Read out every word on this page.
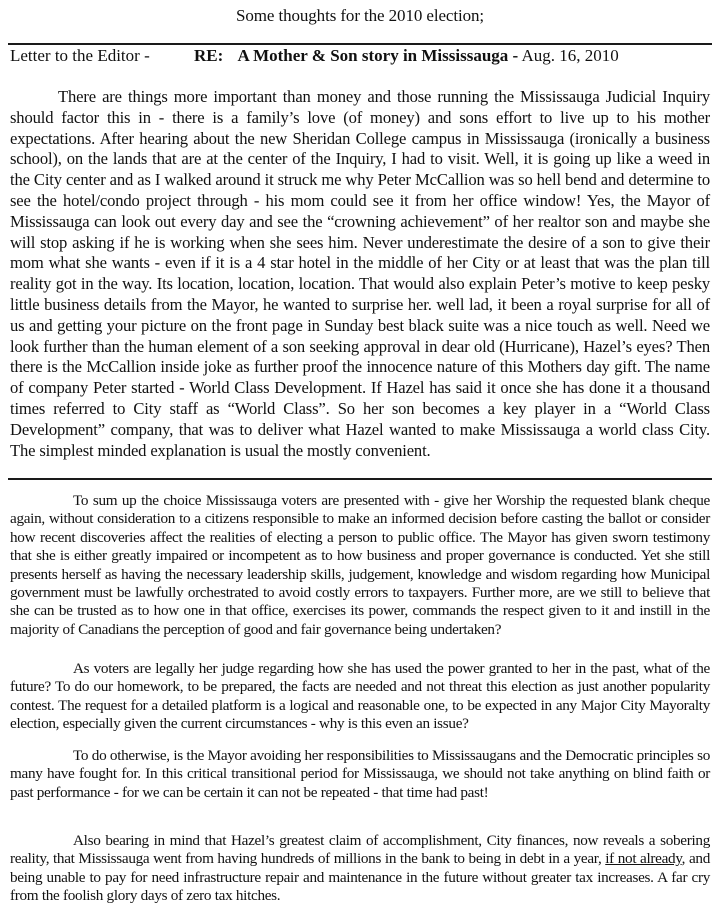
Some thoughts for the 2010 election;
Letter to the Editor -	RE: A Mother & Son story in Mississauga - Aug. 16, 2010

There are things more important than money and those running the Mississauga Judicial Inquiry should factor this in - there is a family’s love (of money) and sons effort to live up to his mother expectations. After hearing about the new Sheridan College campus in Mississauga (ironically a business school), on the lands that are at the center of the Inquiry, I had to visit. Well, it is going up like a weed in the City center and as I walked around it struck me why Peter McCallion was so hell bend and determine to see the hotel/condo project through - his mom could see it from her office window! Yes, the Mayor of Mississauga can look out every day and see the “crowning achievement” of her realtor son and maybe she will stop asking if he is working when she sees him. Never underestimate the desire of a son to give their mom what she wants - even if it is a 4 star hotel in the middle of her City or at least that was the plan till reality got in the way. Its location, location, location. That would also explain Peter’s motive to keep pesky little business details from the Mayor, he wanted to surprise her. well lad, it been a royal surprise for all of us and getting your picture on the front page in Sunday best black suite was a nice touch as well. Need we look further than the human element of a son seeking approval in dear old (Hurricane), Hazel’s eyes? Then there is the McCallion inside joke as further proof the innocence nature of this Mothers day gift. The name of company Peter started - World Class Development. If Hazel has said it once she has done it a thousand times referred to City staff as “World Class”. So her son becomes a key player in a “World Class Development” company, that was to deliver what Hazel wanted to make Mississauga a world class City. The simplest minded explanation is usual the mostly convenient.

To sum up the choice Mississauga voters are presented with - give her Worship the requested blank cheque again, without consideration to a citizens responsible to make an informed decision before casting the ballot or consider how recent discoveries affect the realities of electing a person to public office. The Mayor has given sworn testimony that she is either greatly impaired or incompetent as to how business and proper governance is conducted. Yet she still presents herself as having the necessary leadership skills, judgement, knowledge and wisdom regarding how Municipal government must be lawfully orchestrated to avoid costly errors to taxpayers. Further more, are we still to believe that she can be trusted as to how one in that office, exercises its power, commands the respect given to it and instill in the majority of Canadians the perception of good and fair governance being undertaken?

As voters are legally her judge regarding how she has used the power granted to her in the past, what of the future? To do our homework, to be prepared, the facts are needed and not threat this election as just another popularity contest. The request for a detailed platform is a logical and reasonable one, to be expected in any Major City Mayoralty election, especially given the current circumstances - why is this even an issue?

To do otherwise, is the Mayor avoiding her responsibilities to Mississaugans and the Democratic principles so many have fought for. In this critical transitional period for Mississauga, we should not take anything on blind faith or past performance - for we can be certain it can not be repeated - that time had past!

Also bearing in mind that Hazel’s greatest claim of accomplishment, City finances, now reveals a sobering reality, that Mississauga went from having hundreds of millions in the bank to being in debt in a year, if not already, and being unable to pay for need infrastructure repair and maintenance in the future without greater tax increases. A far cry from the foolish glory days of zero tax hitches.
